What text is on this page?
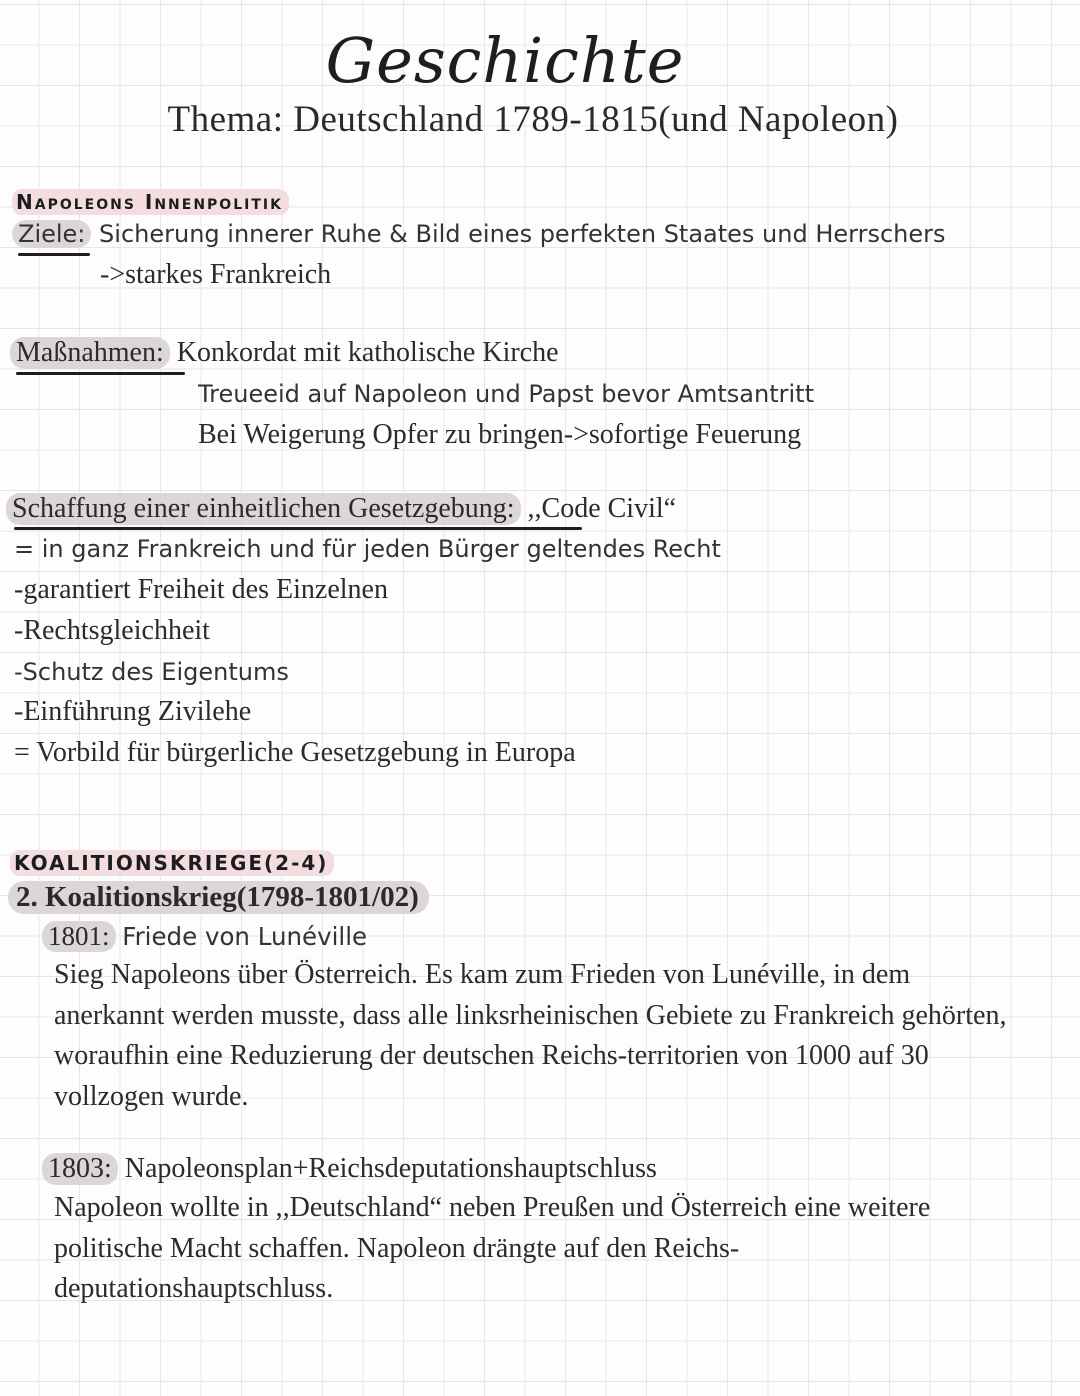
Geschichte
Thema: Deutschland 1789-1815(und Napoleon)
Napoleons Innenpolitik
Ziele: Sicherung innerer Ruhe & Bild eines perfekten Staates und Herrschers
->starkes Frankreich
Maßnahmen: Konkordat mit katholische Kirche
Treueeid auf Napoleon und Papst bevor Amtsantritt
Bei Weigerung Opfer zu bringen->sofortige Feuerung
Schaffung einer einheitlichen Gesetzgebung: ,,Code Civil“
= in ganz Frankreich und für jeden Bürger geltendes Recht
-garantiert Freiheit des Einzelnen
-Rechtsgleichheit
-Schutz des Eigentums
-Einführung Zivilehe
= Vorbild für bürgerliche Gesetzgebung in Europa
KOALITIONSKRIEGE(2-4)
2. Koalitionskrieg(1798-1801/02)
1801: Friede von Lunéville
Sieg Napoleons über Österreich. Es kam zum Frieden von Lunéville, in dem anerkannt werden musste, dass alle linksrheinischen Gebiete zu Frankreich gehörten, woraufhin eine Reduzierung der deutschen Reichs-territorien von 1000 auf 30 vollzogen wurde.
1803: Napoleonsplan+Reichsdeputationshauptschluss
Napoleon wollte in ,,Deutschland“ neben Preußen und Österreich eine weitere politische Macht schaffen. Napoleon drängte auf den Reichs-deputationshauptschluss.
